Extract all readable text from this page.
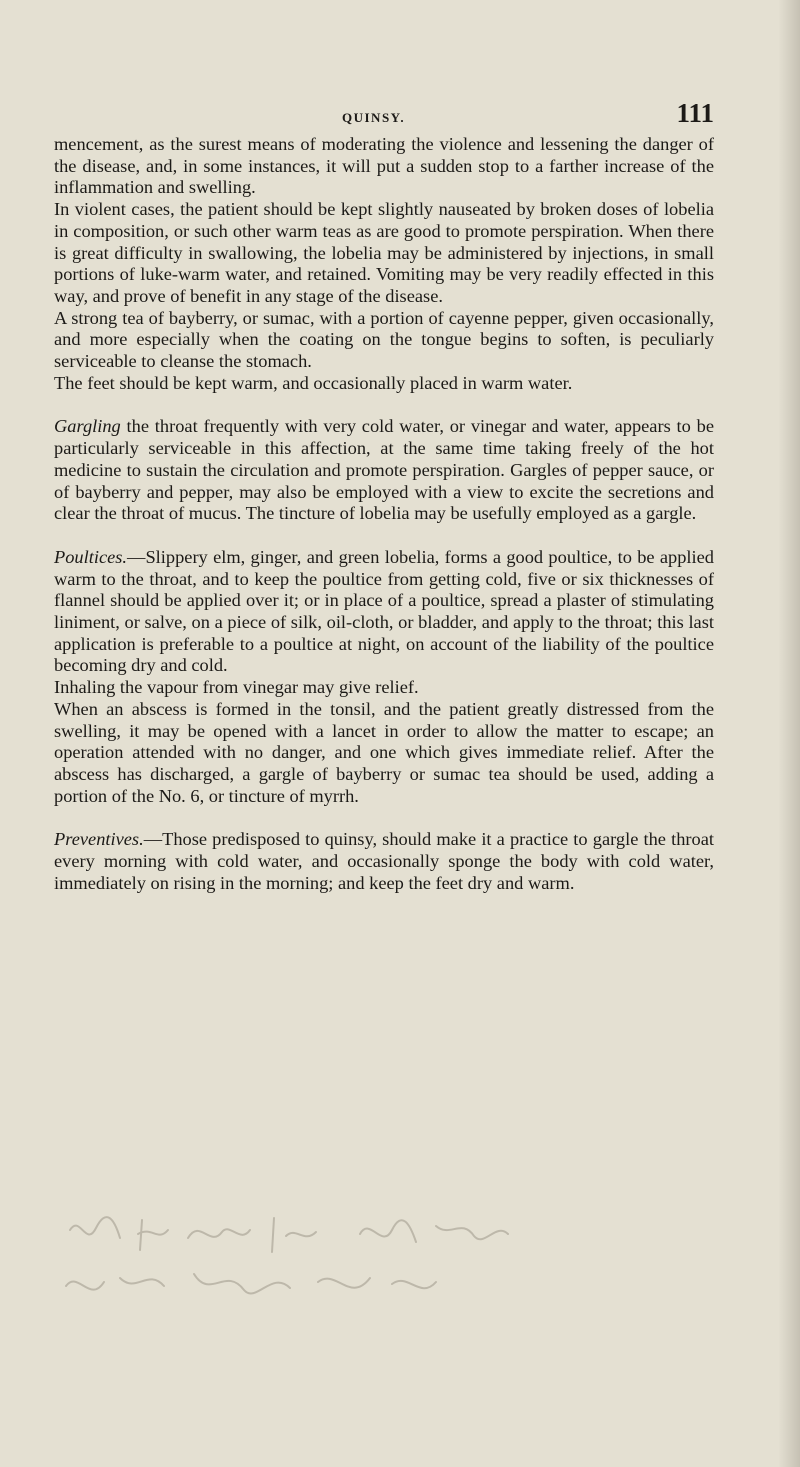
QUINSY.	111

mencement, as the surest means of moderating the violence and lessening the danger of the disease, and, in some instances, it will put a sudden stop to a farther increase of the inflammation and swelling.

In violent cases, the patient should be kept slightly nauseated by broken doses of lobelia in composition, or such other warm teas as are good to promote perspiration. When there is great difficulty in swallowing, the lobelia may be administered by injections, in small portions of luke-warm water, and retained. Vomiting may be very readily effected in this way, and prove of benefit in any stage of the disease.

A strong tea of bayberry, or sumac, with a portion of cayenne pepper, given occasionally, and more especially when the coating on the tongue begins to soften, is peculiarly serviceable to cleanse the stomach.

The feet should be kept warm, and occasionally placed in warm water.

Gargling the throat frequently with very cold water, or vinegar and water, appears to be particularly serviceable in this affection, at the same time taking freely of the hot medicine to sustain the circulation and promote perspiration. Gargles of pepper sauce, or of bayberry and pepper, may also be employed with a view to excite the secretions and clear the throat of mucus. The tincture of lobelia may be usefully employed as a gargle.

Poultices.—Slippery elm, ginger, and green lobelia, forms a good poultice, to be applied warm to the throat, and to keep the poultice from getting cold, five or six thicknesses of flannel should be applied over it; or in place of a poultice, spread a plaster of stimulating liniment, or salve, on a piece of silk, oil-cloth, or bladder, and apply to the throat; this last application is preferable to a poultice at night, on account of the liability of the poultice becoming dry and cold.

Inhaling the vapour from vinegar may give relief.

When an abscess is formed in the tonsil, and the patient greatly distressed from the swelling, it may be opened with a lancet in order to allow the matter to escape; an operation attended with no danger, and one which gives immediate relief. After the abscess has discharged, a gargle of bayberry or sumac tea should be used, adding a portion of the No. 6, or tincture of myrrh.

Preventives.—Those predisposed to quinsy, should make it a practice to gargle the throat every morning with cold water, and occasionally sponge the body with cold water, immediately on rising in the morning; and keep the feet dry and warm.
